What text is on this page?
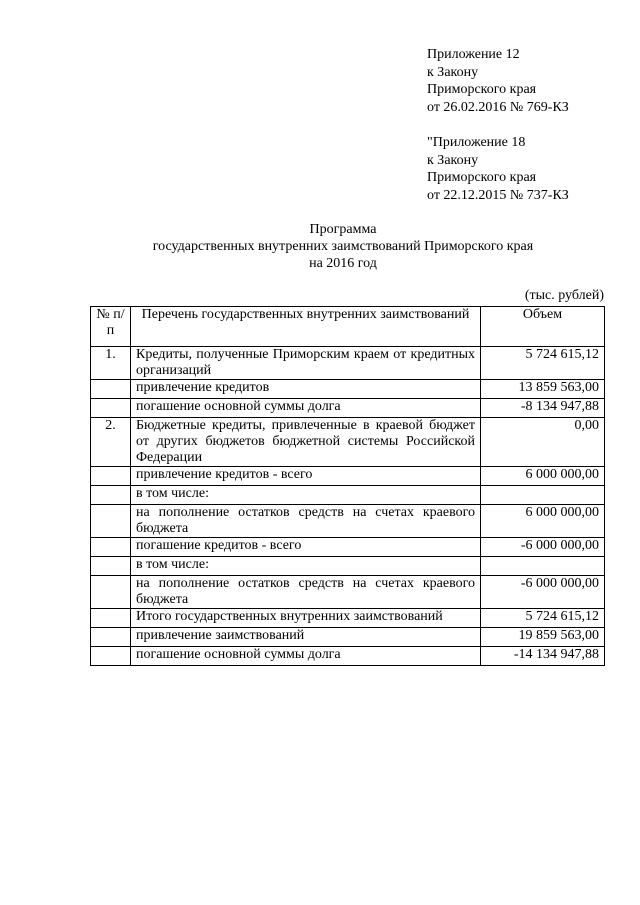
Приложение 12
к Закону
Приморского края
от 26.02.2016 № 769-КЗ
"Приложение 18
к Закону
Приморского края
от 22.12.2015 № 737-КЗ
Программа
государственных внутренних заимствований Приморского края
на 2016 год
(тыс. рублей)
№ п/п	Перечень государственных внутренних заимствований	Объем
1.	Кредиты, полученные Приморским краем от кредитных организаций	5 724 615,12
	привлечение кредитов	13 859 563,00
	погашение основной суммы долга	-8 134 947,88
2.	Бюджетные кредиты, привлеченные в краевой бюджет от других бюджетов бюджетной системы Российской Федерации	0,00
	привлечение кредитов - всего	6 000 000,00
	в том числе:	
	на пополнение остатков средств на счетах краевого бюджета	6 000 000,00
	погашение кредитов - всего	-6 000 000,00
	в том числе:	
	на пополнение остатков средств на счетах краевого бюджета	-6 000 000,00
	Итого государственных внутренних заимствований	5 724 615,12
	привлечение заимствований	19 859 563,00
	погашение основной суммы долга	-14 134 947,88
